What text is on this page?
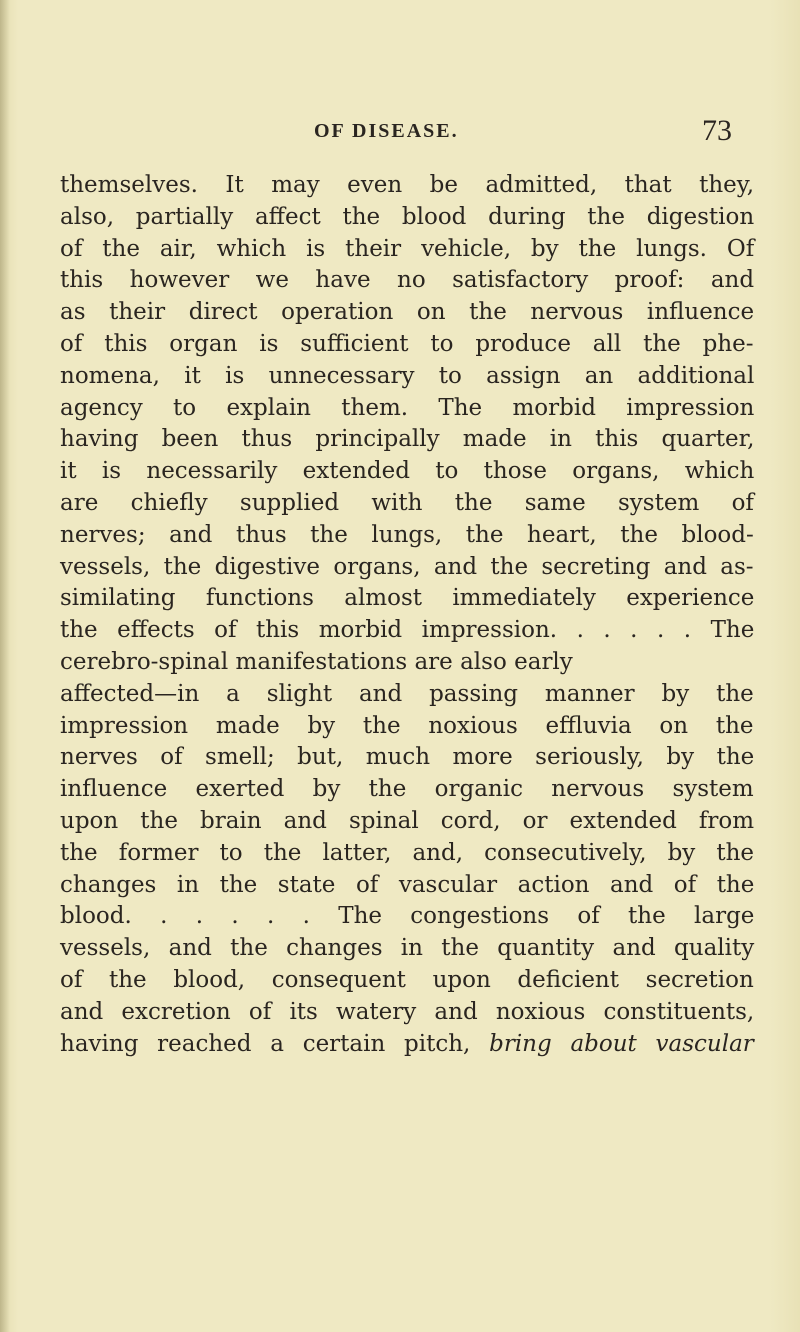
OF DISEASE.	73
themselves. It may even be admitted, that they,
also, partially affect the blood during the digestion
of the air, which is their vehicle, by the lungs. Of
this however we have no satisfactory proof: and
as their direct operation on the nervous influence
of this organ is sufficient to produce all the phe-
nomena, it is unnecessary to assign an additional
agency to explain them. The morbid impression
having been thus principally made in this quarter,
it is necessarily extended to those organs, which
are chiefly supplied with the same system of
nerves; and thus the lungs, the heart, the blood-
vessels, the digestive organs, and the secreting and as-
similating functions almost immediately experience
the effects of this morbid impression. . . . . . The
cerebro-spinal manifestations are also early
affected—in a slight and passing manner by the
impression made by the noxious effluvia on the
nerves of smell; but, much more seriously, by the
influence exerted by the organic nervous system
upon the brain and spinal cord, or extended from
the former to the latter, and, consecutively, by the
changes in the state of vascular action and of the
blood. . . . . . The congestions of the large
vessels, and the changes in the quantity and quality
of the blood, consequent upon deficient secretion
and excretion of its watery and noxious constituents,
having reached a certain pitch, bring about vascular
